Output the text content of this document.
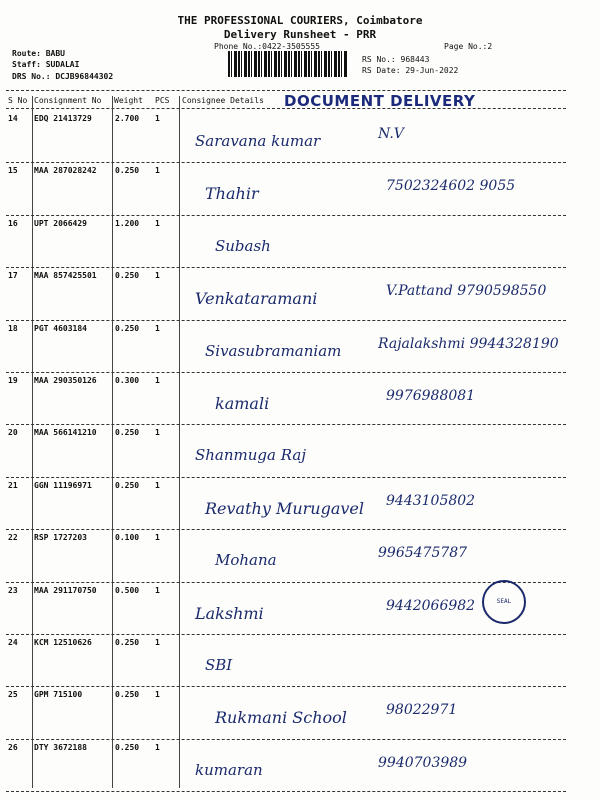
THE PROFESSIONAL COURIERS, Coimbatore
Delivery Runsheet - PRR
Phone No.:0422-3505555	Page No.:2
Route: BABU
Staff: SUDALAI
DRS No.: DCJB96844302
RS No.: 968443
RS Date: 29-Jun-2022
S No Consignment No Weight PCS Consignee Details DOCUMENT DELIVERY
14 EDQ 21413729	2.700 1
Saravana kumar	N.V
15 MAA 287028242 0.250 1
Thahir	7502324602 9055
16 UPT 2066429	1.200 1
Subash
17 MAA 857425501 0.250 1
Venkataramani	V.Pattand 9790598550
18 PGT 4603184	0.250 1
Sivasubramaniam	Rajalakshmi 9944328190
19 MAA 290350126 0.300 1
kamali	9976988081
20 MAA 566141210 0.250 1
Shanmuga Raj
21 GGN 11196971	0.250 1
Revathy Murugavel 9443105802
22 RSP 1727203	0.100 1
Mohana	9965475787
23 MAA 291170750 0.500 1
Lakshmi	9442066982
24 KCM 12510626	0.250 1
SBI
25 GPM 715100	0.250 1
Rukmani School	98022971
26 DTY 3672188	0.250 1
kumaran	9940703989
SEAL
